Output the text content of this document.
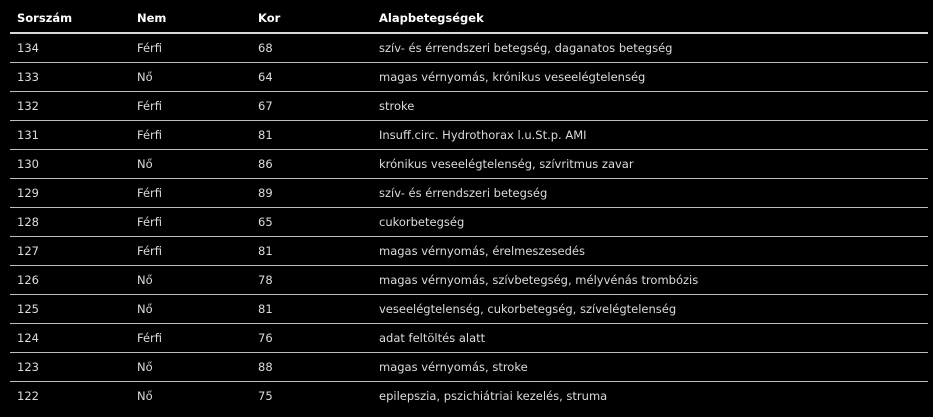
Sorszám	Nem	Kor	Alapbetegségek
134	Férfi	68	szív- és érrendszeri betegség, daganatos betegség
133	Nő	64	magas vérnyomás, krónikus veseelégtelenség
132	Férfi	67	stroke
131	Férfi	81	Insuff.circ. Hydrothorax l.u.St.p. AMI
130	Nő	86	krónikus veseelégtelenség, szívritmus zavar
129	Férfi	89	szív- és érrendszeri betegség
128	Férfi	65	cukorbetegség
127	Férfi	81	magas vérnyomás, érelmeszesedés
126	Nő	78	magas vérnyomás, szívbetegség, mélyvénás trombózis
125	Nő	81	veseelégtelenség, cukorbetegség, szívelégtelenség
124	Férfi	76	adat feltöltés alatt
123	Nő	88	magas vérnyomás, stroke
122	Nő	75	epilepszia, pszichiátriai kezelés, struma
